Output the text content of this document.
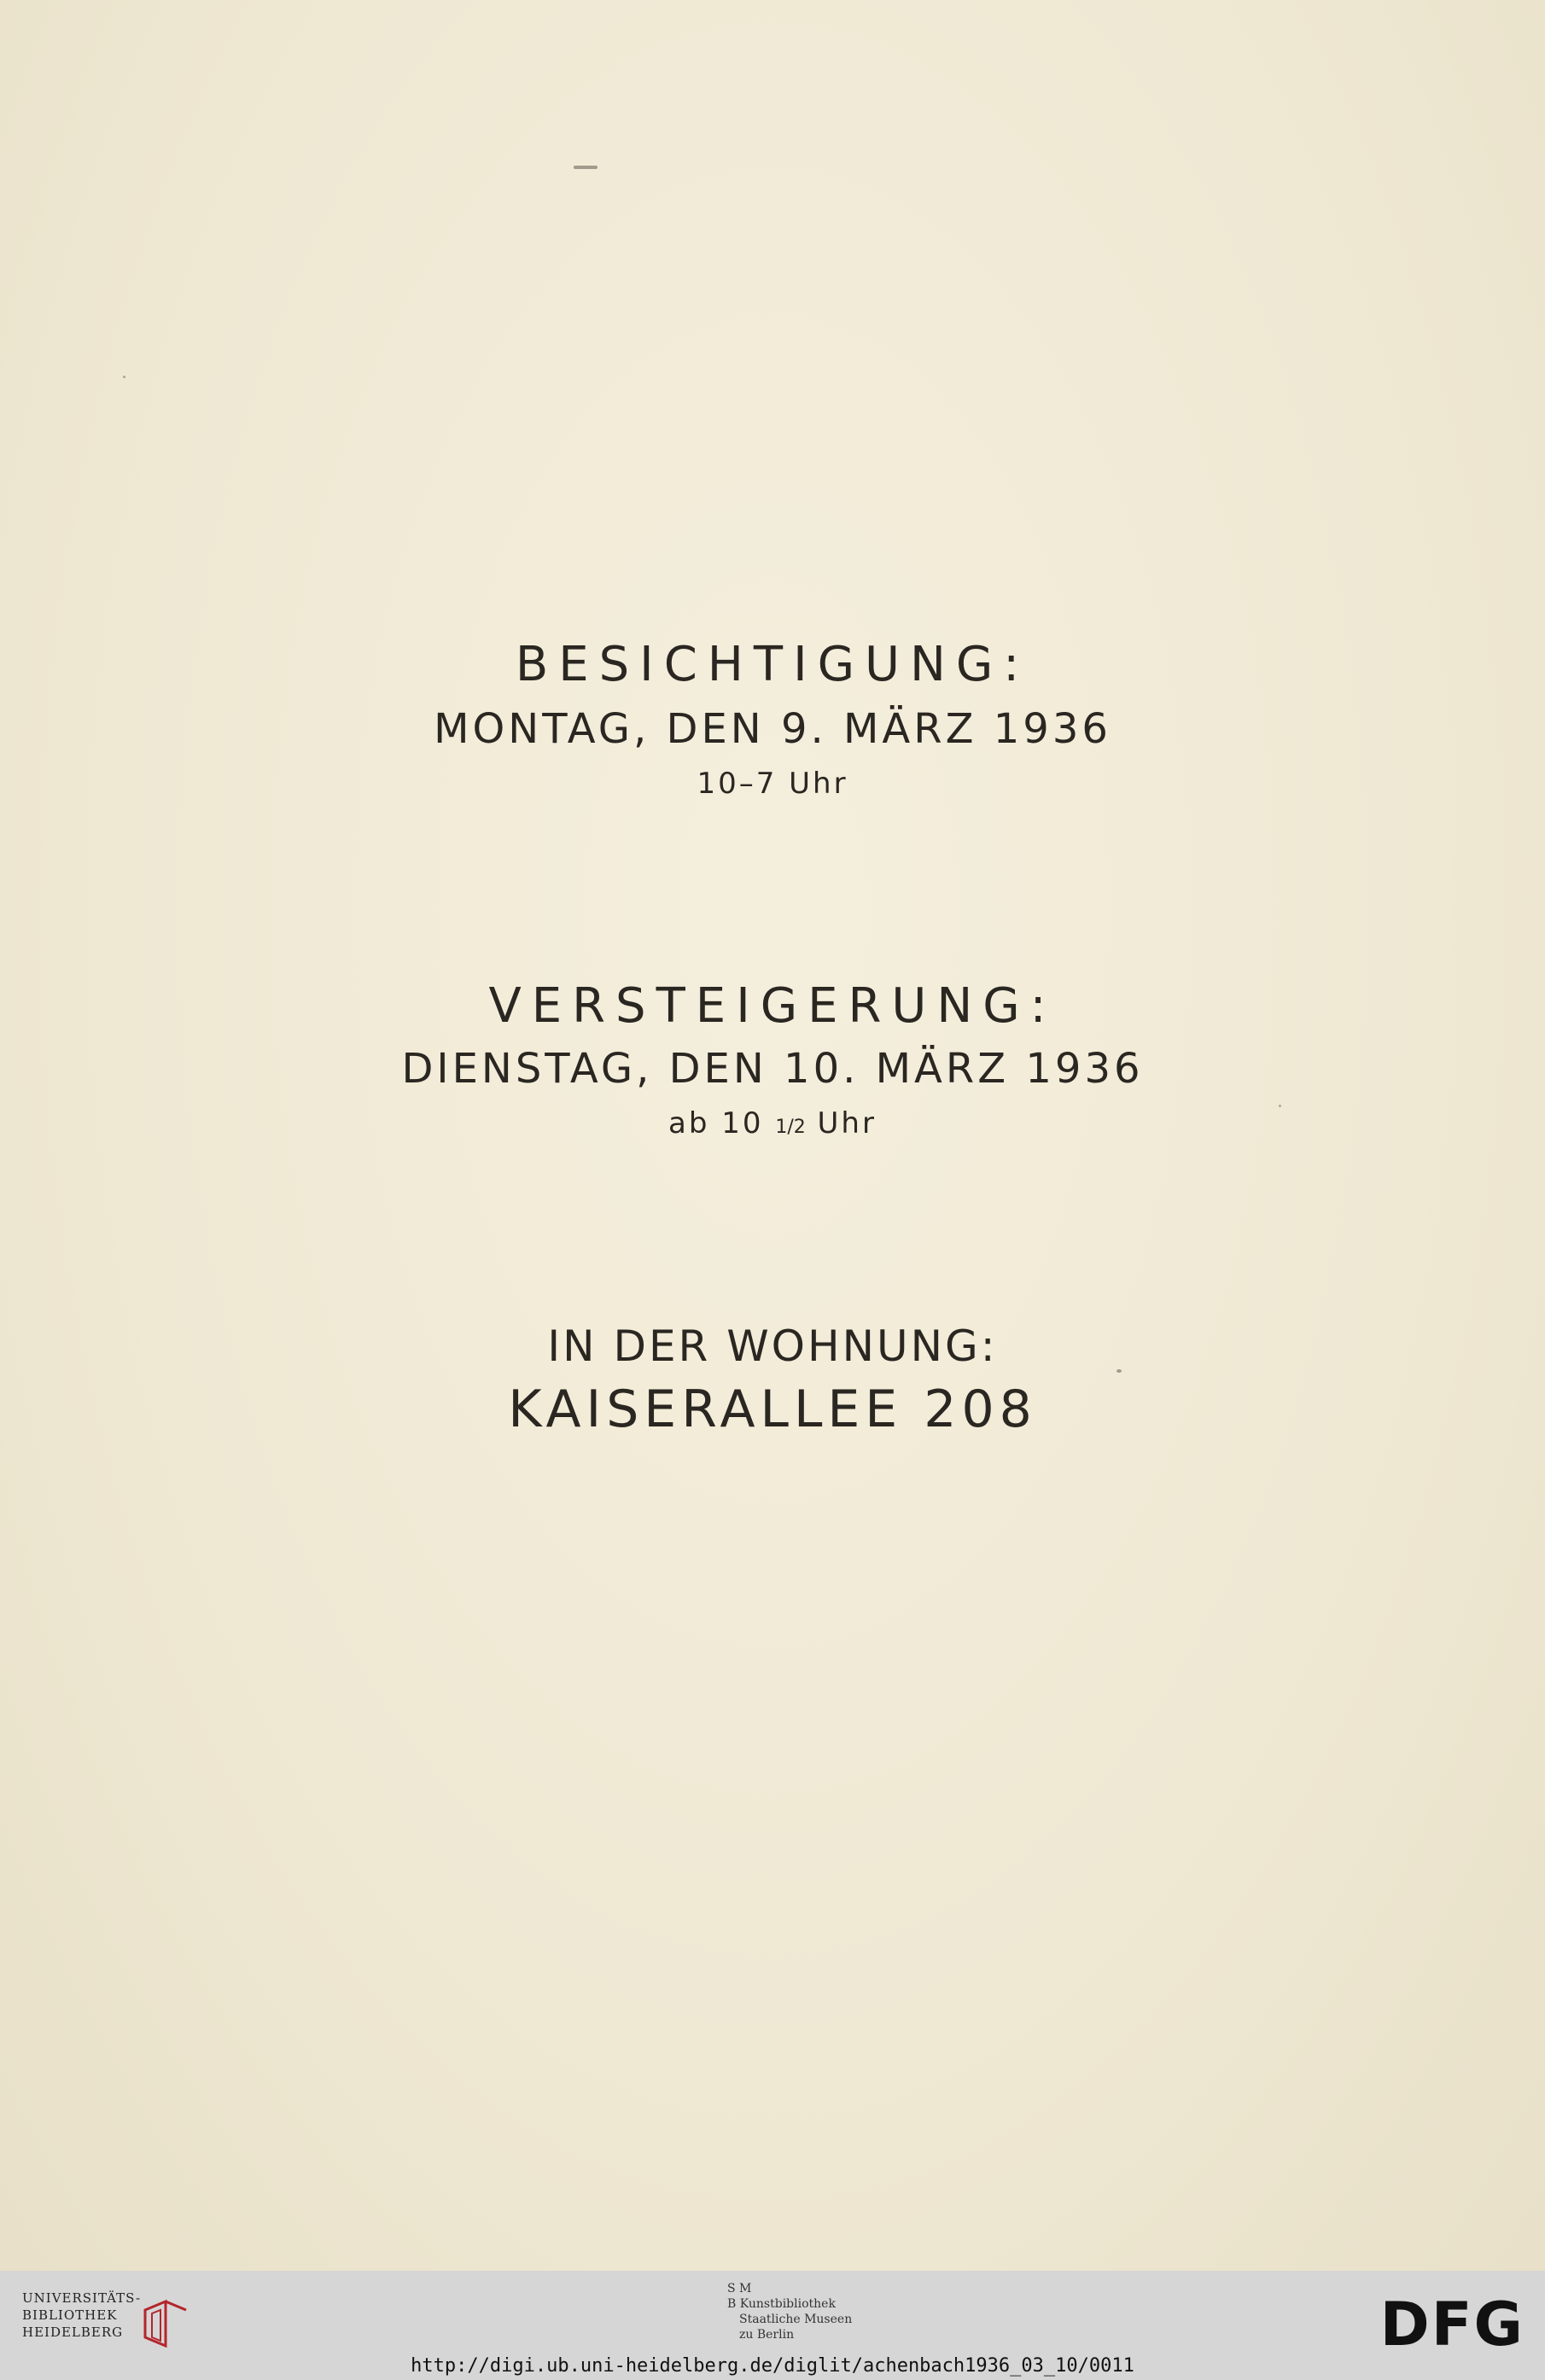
BESICHTIGUNG:
MONTAG, DEN 9. MÄRZ 1936
10–7 Uhr
VERSTEIGERUNG:
DIENSTAG, DEN 10. MÄRZ 1936
ab 10 1/2 Uhr
IN DER WOHNUNG:
KAISERALLEE 208
UNIVERSITÄTS-
BIBLIOTHEK
HEIDELBERG
S M
B Kunstbibliothek
Staatliche Museen
zu Berlin	DFG
http://digi.ub.uni-heidelberg.de/diglit/achenbach1936_03_10/0011
